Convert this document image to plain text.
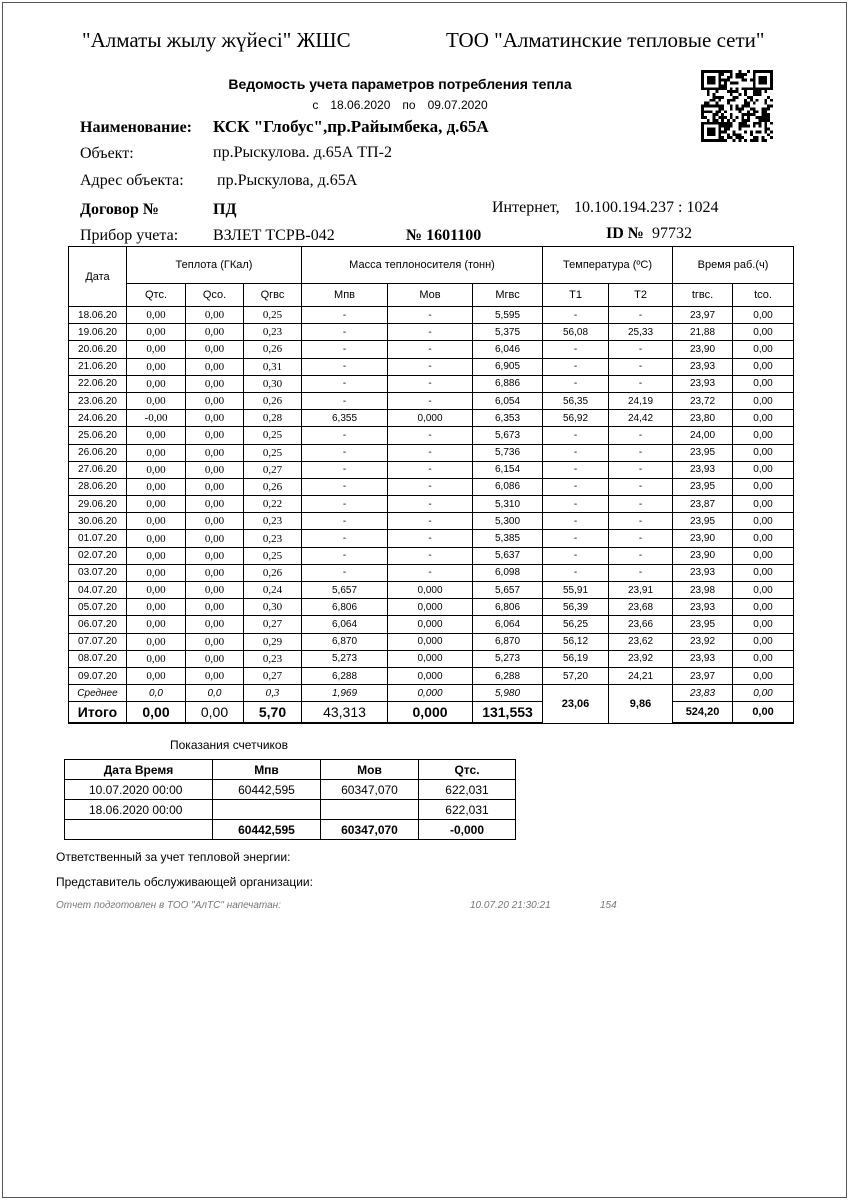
"Алматы жылу жүйесі" ЖШС	ТОО "Алматинские тепловые сети"
Ведомость учета параметров потребления тепла
с 18.06.2020 по 09.07.2020
Наименование: КСК "Глобус",пр.Райымбека, д.65А
Объект:	пр.Рыскулова. д.65А ТП-2
Адрес объекта: пр.Рыскулова, д.65А
Договор №	ПД	Интернет, 10.100.194.237 : 1024
Прибор учета: ВЗЛЕТ ТСРВ-042	№ 1601100	ID № 97732
Дата	Теплота (ГКал)			Масса теплоносителя (тонн)			Температура (ºС)		Время раб.(ч)	
	Qтс.	Qсо.	Qгвс	Мпв	Мов	Мгвс	Т1	Т2	tгвс.	tсо.
18.06.20	0,00	0,00	0,25	-	-	5,595	-	-	23,97	0,00
19.06.20	0,00	0,00	0,23	-	-	5,375	56,08	25,33	21,88	0,00
20.06.20	0,00	0,00	0,26	-	-	6,046	-	-	23,90	0,00
21.06.20	0,00	0,00	0,31	-	-	6,905	-	-	23,93	0,00
22.06.20	0,00	0,00	0,30	-	-	6,886	-	-	23,93	0,00
23.06.20	0,00	0,00	0,26	-	-	6,054	56,35	24,19	23,72	0,00
24.06.20	-0,00	0,00	0,28	6,355	0,000	6,353	56,92	24,42	23,80	0,00
25.06.20	0,00	0,00	0,25	-	-	5,673	-	-	24,00	0,00
26.06.20	0,00	0,00	0,25	-	-	5,736	-	-	23,95	0,00
27.06.20	0,00	0,00	0,27	-	-	6,154	-	-	23,93	0,00
28.06.20	0,00	0,00	0,26	-	-	6,086	-	-	23,95	0,00
29.06.20	0,00	0,00	0,22	-	-	5,310	-	-	23,87	0,00
30.06.20	0,00	0,00	0,23	-	-	5,300	-	-	23,95	0,00
01.07.20	0,00	0,00	0,23	-	-	5,385	-	-	23,90	0,00
02.07.20	0,00	0,00	0,25	-	-	5,637	-	-	23,90	0,00
03.07.20	0,00	0,00	0,26	-	-	6,098	-	-	23,93	0,00
04.07.20	0,00	0,00	0,24	5,657	0,000	5,657	55,91	23,91	23,98	0,00
05.07.20	0,00	0,00	0,30	6,806	0,000	6,806	56,39	23,68	23,93	0,00
06.07.20	0,00	0,00	0,27	6,064	0,000	6,064	56,25	23,66	23,95	0,00
07.07.20	0,00	0,00	0,29	6,870	0,000	6,870	56,12	23,62	23,92	0,00
08.07.20	0,00	0,00	0,23	5,273	0,000	5,273	56,19	23,92	23,93	0,00
09.07.20	0,00	0,00	0,27	6,288	0,000	6,288	57,20	24,21	23,97	0,00
Среднее	0,0	0,0	0,3	1,969	0,000	5,980	23,06	9,86	23,83	0,00
Итого	0,00	0,00	5,70	43,313	0,000	131,553			524,20	0,00
Показания счетчиков
Дата Время	Мпв	Мов	Qтс.
10.07.2020 00:00	60442,595	60347,070	622,031
18.06.2020 00:00			622,031
	60442,595	60347,070	-0,000
Ответственный за учет тепловой энергии:
Представитель обслуживающей организации:
Отчет подготовлен в ТОО "АлТС" напечатан:	10.07.20 21:30:21	154
